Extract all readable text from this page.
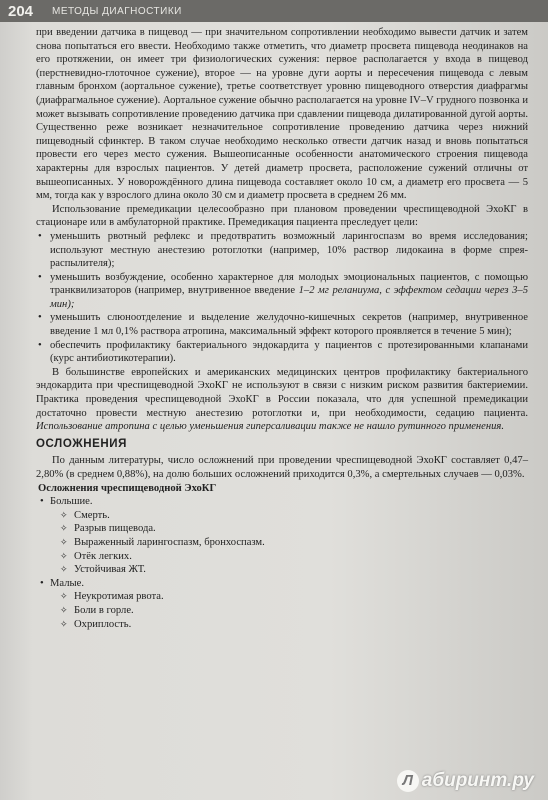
204	МЕТОДЫ ДИАГНОСТИКИ

при введении датчика в пищевод — при значительном сопротивлении необходимо вывести датчик и затем снова попытаться его ввести. Необходимо также отметить, что диаметр просвета пищевода неодинаков на его протяжении, он имеет три физиологических сужения: первое располагается у входа в пищевод (перстневидно-глоточное сужение), второе — на уровне дуги аорты и пересечения пищевода с левым главным бронхом (аортальное сужение), третье соответствует уровню пищеводного отверстия диафрагмы (диафрагмальное сужение). Аортальное сужение обычно располагается на уровне IV–V грудного позвонка и может вызывать сопротивление проведению датчика при сдавлении пищевода дилатированной дугой аорты. Существенно реже возникает незначительное сопротивление проведению датчика через нижний пищеводный сфинктер. В таком случае необходимо несколько отвести датчик назад и вновь попытаться провести его через место сужения. Вышеописанные особенности анатомического строения пищевода характерны для взрослых пациентов. У детей диаметр просвета, расположение сужений отличны от вышеописанных. У новорождённого длина пищевода составляет около 10 см, а диаметр его просвета — 5 мм, тогда как у взрослого длина около 30 см и диаметр просвета в среднем 26 мм.

Использование премедикации целесообразно при плановом проведении чреспищеводной ЭхоКГ в стационаре или в амбулаторной практике. Премедикация пациента преследует цели:

• уменьшить рвотный рефлекс и предотвратить возможный ларингоспазм во время исследования; используют местную анестезию ротоглотки (например, 10% раствор лидокаина в форме спрея-распылителя);
• уменьшить возбуждение, особенно характерное для молодых эмоциональных пациентов, с помощью транквилизаторов (например, внутривенное введение 1–2 мг реланиума, с эффектом седации через 3–5 мин);
• уменьшить слюноотделение и выделение желудочно-кишечных секретов (например, внутривенное введение 1 мл 0,1% раствора атропина, максимальный эффект которого проявляется в течение 5 мин);
• обеспечить профилактику бактериального эндокардита у пациентов с протезированными клапанами (курс антибиотикотерапии).

В большинстве европейских и американских медицинских центров профилактику бактериального эндокардита при чреспищеводной ЭхоКГ не используют в связи с низким риском развития бактериемии. Практика проведения чреспищеводной ЭхоКГ в России показала, что для успешной премедикации достаточно провести местную анестезию ротоглотки и, при необходимости, седацию пациента. Использование атропина с целью уменьшения гиперсаливации также не нашло рутинного применения.

ОСЛОЖНЕНИЯ

По данным литературы, число осложнений при проведении чреспищеводной ЭхоКГ составляет 0,47–2,80% (в среднем 0,88%), на долю больших осложнений приходится 0,3%, а смертельных случаев — 0,03%.

Осложнения чреспищеводной ЭхоКГ

• Большие.
✧ Смерть.
✧ Разрыв пищевода.
✧ Выраженный ларингоспазм, бронхоспазм.
✧ Отёк легких.
✧ Устойчивая ЖТ.
• Малые.
✧ Неукротимая рвота.
✧ Боли в горле.
✧ Охриплость.
Л абиринт.ру
